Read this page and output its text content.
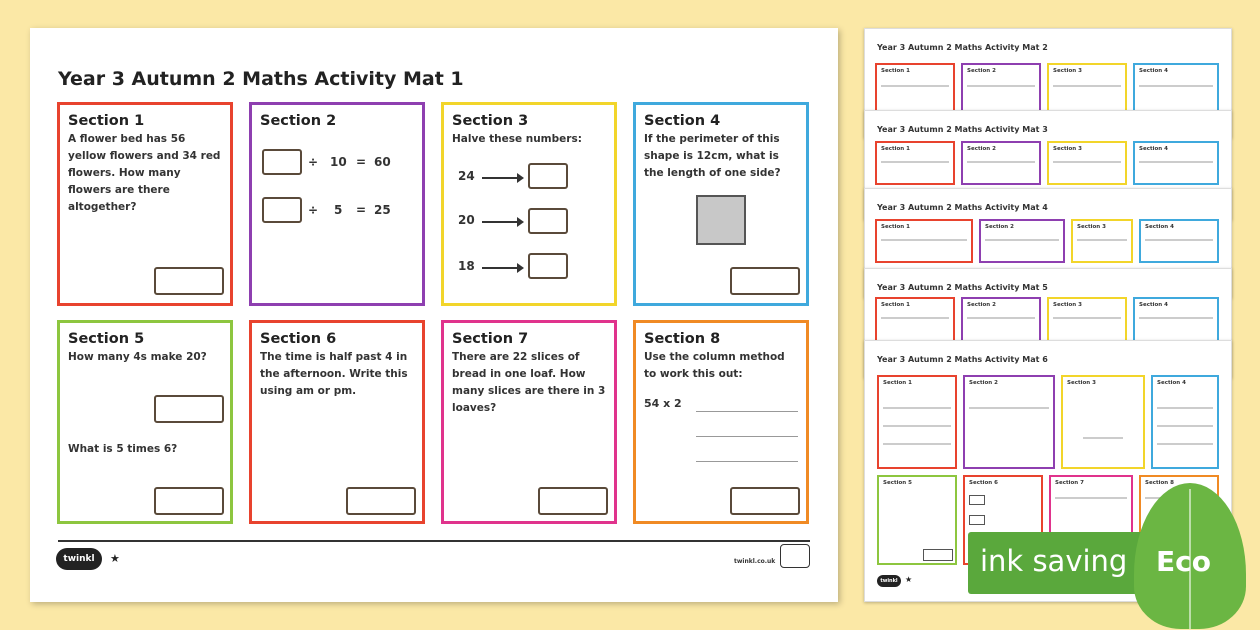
Year 3 Autumn 2 Maths Activity Mat 1
Section 1

A flower bed has 56 yellow flowers and 34 red flowers. How many flowers are there altogether?

Section 2
÷ 10 = 60
÷ 5 = 25
Section 3

Halve these numbers:

24
20
18
Section 4

If the perimeter of this shape is 12cm, what is the length of one side?

Section 5

How many 4s make 20?

What is 5 times 6?

Section 6

The time is half past 4 in the afternoon. Write this using am or pm.

Section 7

There are 22 slices of bread in one loaf. How many slices are there in 3 loaves?

Section 8

Use the column method to work this out:

54 x 2
twinkl	★	twinkl.co.uk
Year 3 Autumn 2 Maths Activity Mat 2
Section 1	Section 2	Section 3	Section 4
Year 3 Autumn 2 Maths Activity Mat 3
Section 1	Section 2	Section 3	Section 4
Year 3 Autumn 2 Maths Activity Mat 4
Section 1	Section 2	Section 3	Section 4
Year 3 Autumn 2 Maths Activity Mat 5
Section 1	Section 2	Section 3	Section 4
Year 3 Autumn 2 Maths Activity Mat 6
Section 1	Section 2	Section 3	Section 4
Section 5	Section 6	Section 7	Section 8
twinkl ★
ink saving Eco
